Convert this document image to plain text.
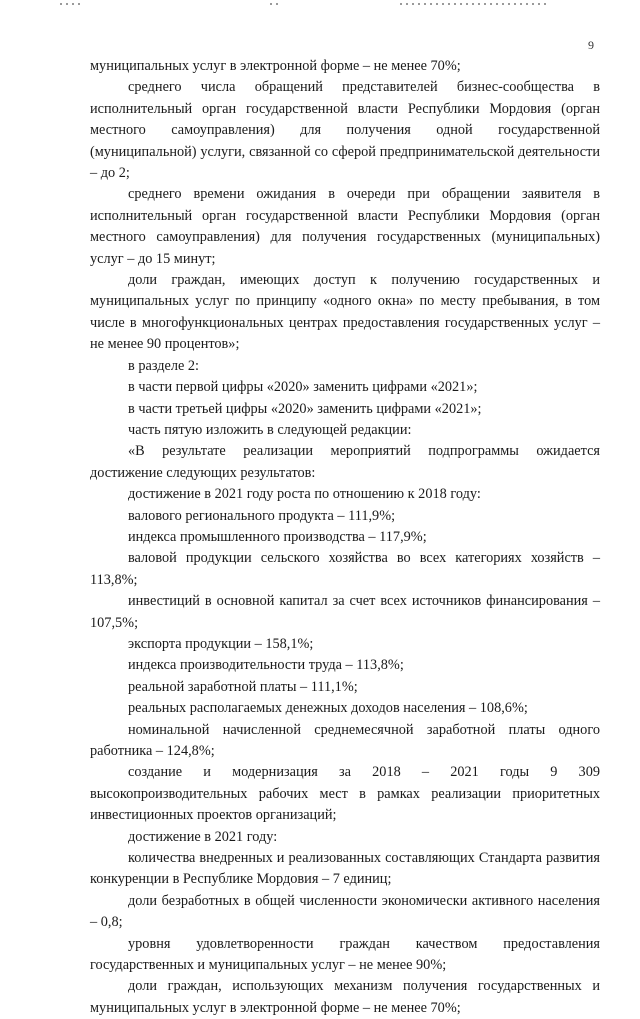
9

муниципальных услуг в электронной форме – не менее 70%;

среднего числа обращений представителей бизнес-сообщества в исполнительный орган государственной власти Республики Мордовия (орган местного самоуправления) для получения одной государственной (муниципальной) услуги, связанной со сферой предпринимательской деятельности – до 2;

среднего времени ожидания в очереди при обращении заявителя в исполнительный орган государственной власти Республики Мордовия (орган местного самоуправления) для получения государственных (муниципальных) услуг – до 15 минут;

доли граждан, имеющих доступ к получению государственных и муниципальных услуг по принципу «одного окна» по месту пребывания, в том числе в многофункциональных центрах предоставления государственных услуг – не менее 90 процентов»;

в разделе 2:

в части первой цифры «2020» заменить цифрами «2021»;

в части третьей цифры «2020» заменить цифрами «2021»;

часть пятую изложить в следующей редакции:

«В результате реализации мероприятий подпрограммы ожидается достижение следующих результатов:

достижение в 2021 году роста по отношению к 2018 году:

валового регионального продукта – 111,9%;

индекса промышленного производства – 117,9%;

валовой продукции сельского хозяйства во всех категориях хозяйств – 113,8%;

инвестиций в основной капитал за счет всех источников финансирования – 107,5%;

экспорта продукции – 158,1%;

индекса производительности труда – 113,8%;

реальной заработной платы – 111,1%;

реальных располагаемых денежных доходов населения – 108,6%;

номинальной начисленной среднемесячной заработной платы одного работника – 124,8%;

создание и модернизация за 2018 – 2021 годы 9 309 высокопроизводительных рабочих мест в рамках реализации приоритетных инвестиционных проектов организаций;

достижение в 2021 году:

количества внедренных и реализованных составляющих Стандарта развития конкуренции в Республике Мордовия – 7 единиц;

доли безработных в общей численности экономически активного населения – 0,8;

уровня удовлетворенности граждан качеством предоставления государственных и муниципальных услуг – не менее 90%;

доли граждан, использующих механизм получения государственных и муниципальных услуг в электронной форме – не менее 70%;
